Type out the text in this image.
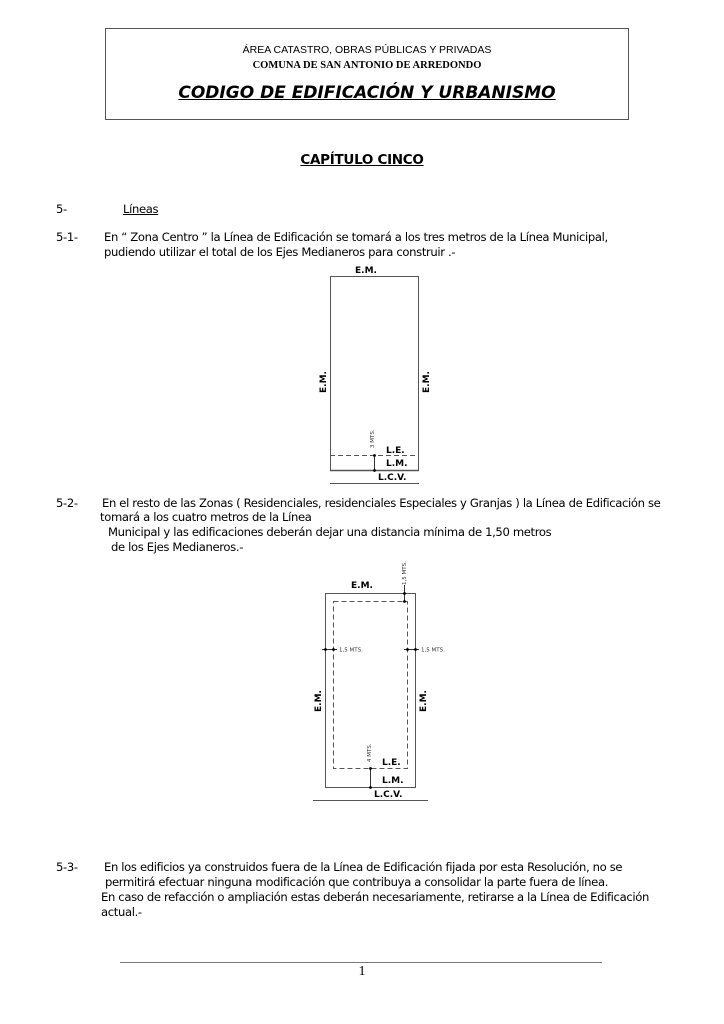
ÁREA CATASTRO, OBRAS PÚBLICAS Y PRIVADAS
COMUNA DE SAN ANTONIO DE ARREDONDO
CODIGO DE EDIFICACIÓN Y URBANISMO
CAPÍTULO CINCO
5-	Líneas
5-1- En “ Zona Centro ” la Línea de Edificación se tomará a los tres metros de la Línea Municipal,
pudiendo utilizar el total de los Ejes Medianeros para construir .-
E.M.
E.M.	E.M.
3 MTS.
L.E.
L.M.
L.C.V.
5-2- En el resto de las Zonas ( Residenciales, residenciales Especiales y Granjas ) la Línea de Edificación se
tomará a los cuatro metros de la Línea
Municipal y las edificaciones deberán dejar una distancia mínima de 1,50 metros
de los Ejes Medianeros.-
E.M.
1,5 MTS.
1,5 MTS.	1,5 MTS.
E.M.	E.M.
4 MTS.
L.E.
L.M.
L.C.V.
5-3- En los edificios ya construidos fuera de la Línea de Edificación fijada por esta Resolución, no se
permitirá efectuar ninguna modificación que contribuya a consolidar la parte fuera de línea.
En caso de refacción o ampliación estas deberán necesariamente, retirarse a la Línea de Edificación
actual.-
1
